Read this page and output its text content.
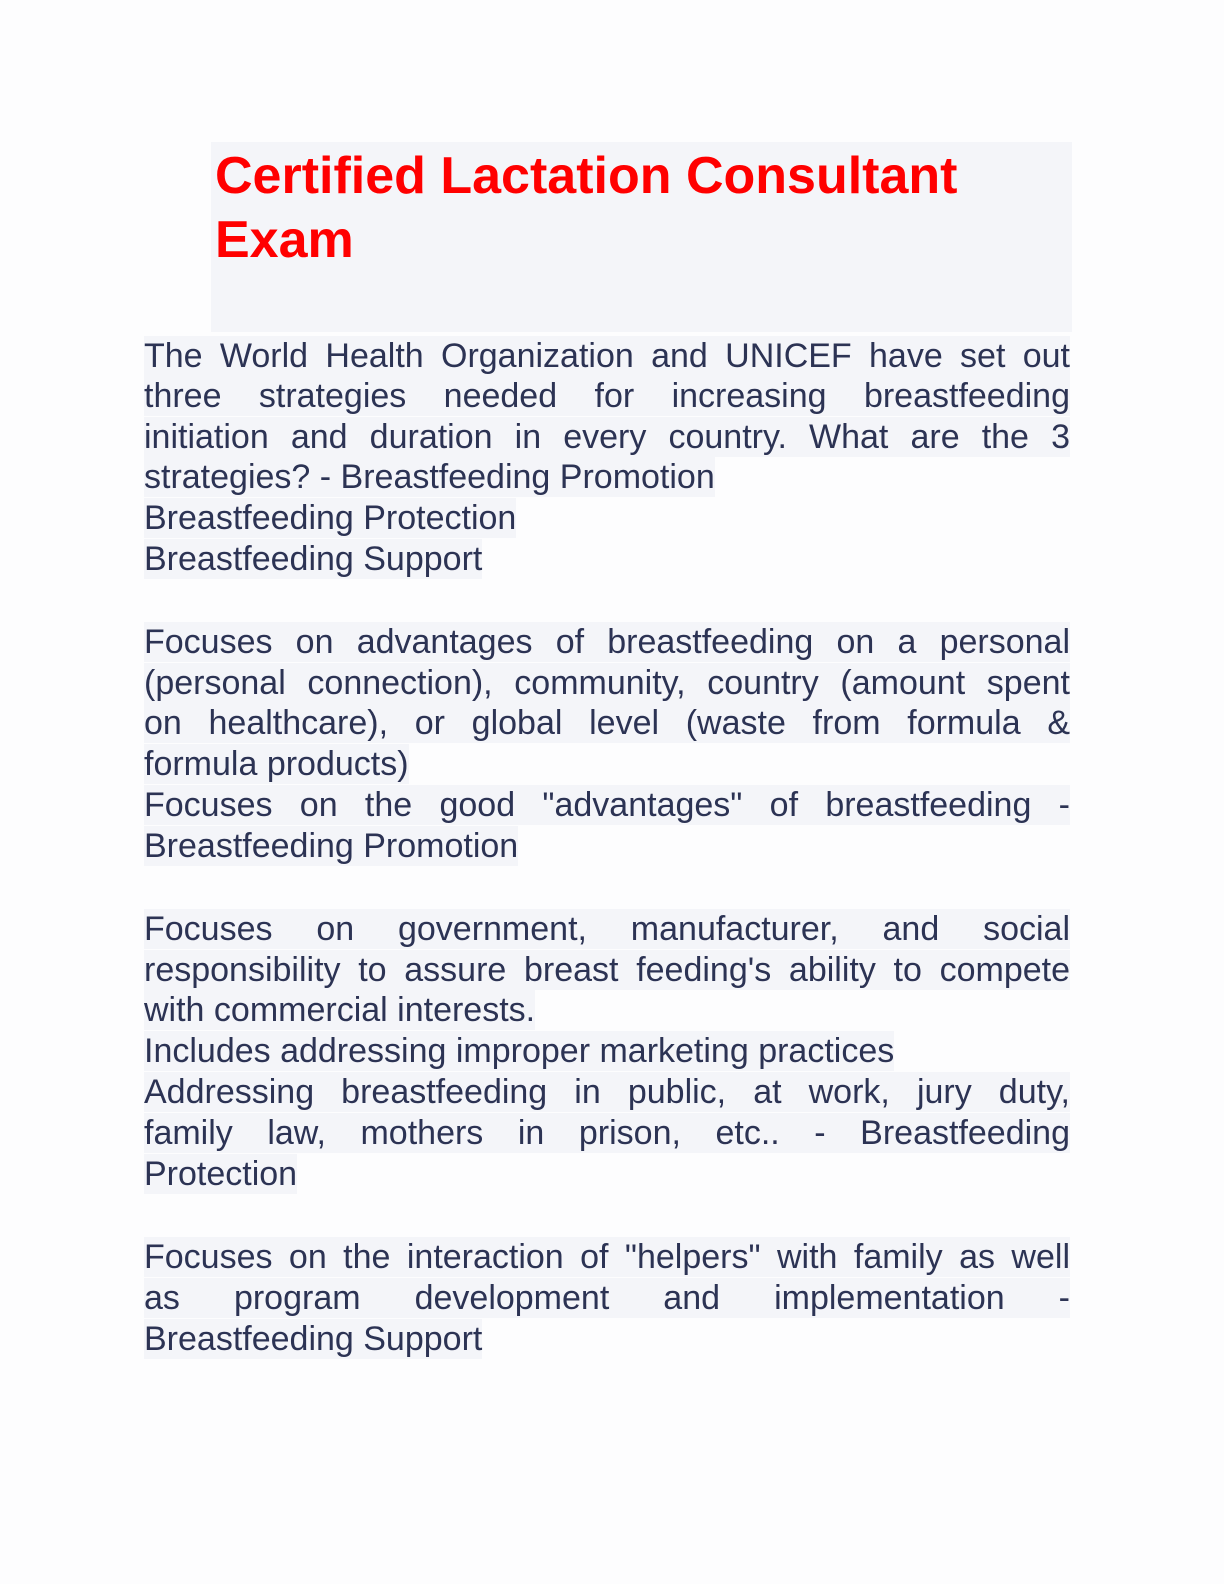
Certified Lactation Consultant
Exam
The World Health Organization and UNICEF have set out
three strategies needed for increasing breastfeeding
initiation and duration in every country. What are the 3
strategies? - Breastfeeding Promotion
Breastfeeding Protection
Breastfeeding Support
Focuses on advantages of breastfeeding on a personal
(personal connection), community, country (amount spent
on healthcare), or global level (waste from formula &
formula products)
Focuses on the good "advantages" of breastfeeding -
Breastfeeding Promotion
Focuses on government, manufacturer, and social
responsibility to assure breast feeding's ability to compete
with commercial interests.
Includes addressing improper marketing practices
Addressing breastfeeding in public, at work, jury duty,
family law, mothers in prison, etc.. - Breastfeeding
Protection
Focuses on the interaction of "helpers" with family as well
as program development and implementation -
Breastfeeding Support
